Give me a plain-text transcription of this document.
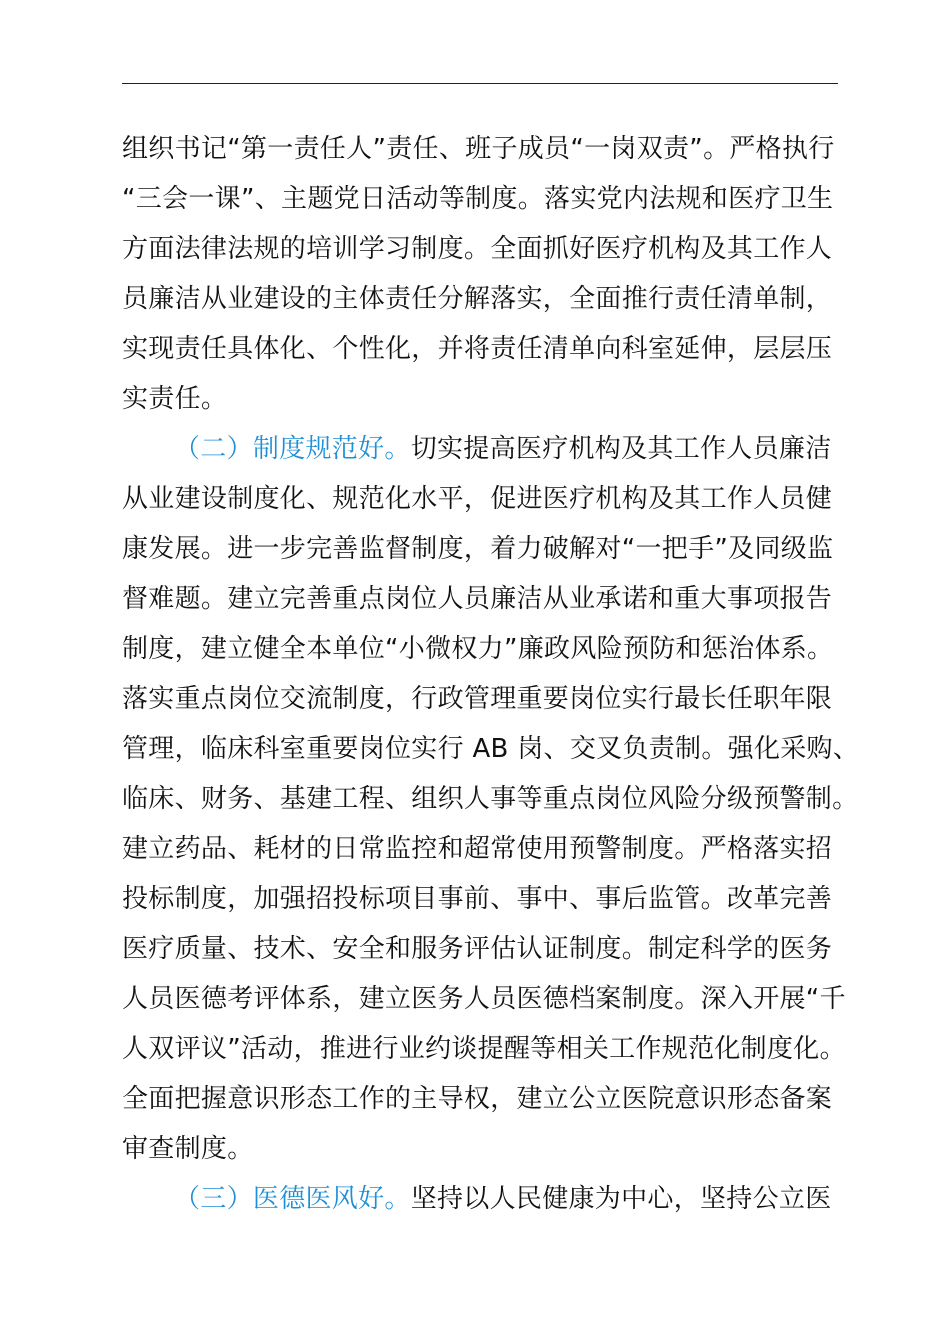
组织书记“第一责任人”责任、班子成员“一岗双责”。严格执行
“三会一课”、主题党日活动等制度。落实党内法规和医疗卫生
方面法律法规的培训学习制度。全面抓好医疗机构及其工作人
员廉洁从业建设的主体责任分解落实，全面推行责任清单制，
实现责任具体化、个性化，并将责任清单向科室延伸，层层压
实责任。
（二）制度规范好。切实提高医疗机构及其工作人员廉洁
从业建设制度化、规范化水平，促进医疗机构及其工作人员健
康发展。进一步完善监督制度，着力破解对“一把手”及同级监
督难题。建立完善重点岗位人员廉洁从业承诺和重大事项报告
制度，建立健全本单位“小微权力”廉政风险预防和惩治体系。
落实重点岗位交流制度，行政管理重要岗位实行最长任职年限
管理，临床科室重要岗位实行 AB 岗、交叉负责制。强化采购、
临床、财务、基建工程、组织人事等重点岗位风险分级预警制。
建立药品、耗材的日常监控和超常使用预警制度。严格落实招
投标制度，加强招投标项目事前、事中、事后监管。改革完善
医疗质量、技术、安全和服务评估认证制度。制定科学的医务
人员医德考评体系，建立医务人员医德档案制度。深入开展“千
人双评议”活动，推进行业约谈提醒等相关工作规范化制度化。
全面把握意识形态工作的主导权，建立公立医院意识形态备案
审查制度。
（三）医德医风好。坚持以人民健康为中心，坚持公立医
